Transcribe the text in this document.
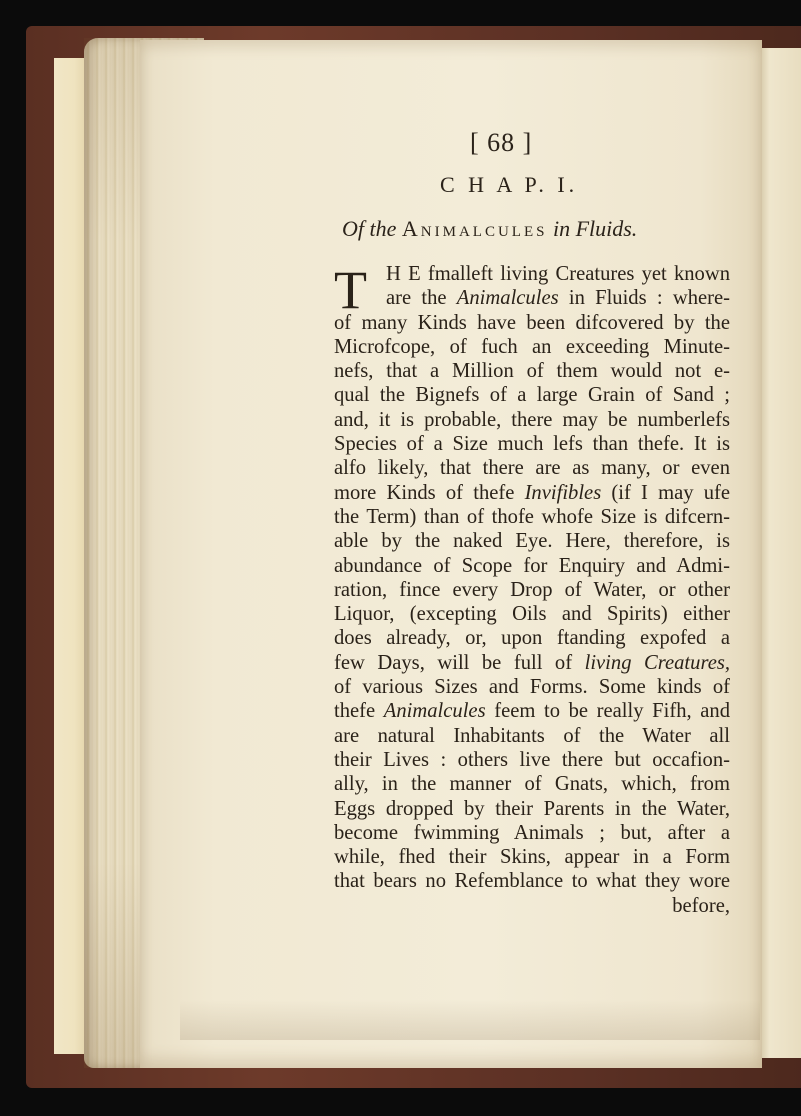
[ 68 ]
C H A P. I.
Of the Animalcules in Fluids.
T H E fmalleft living Creatures yet known
are the Animalcules in Fluids : where-
of many Kinds have been difcovered by the
Microfcope, of fuch an exceeding Minute-
nefs, that a Million of them would not e-
qual the Bignefs of a large Grain of Sand ;
and, it is probable, there may be numberlefs
Species of a Size much lefs than thefe. It is
alfo likely, that there are as many, or even
more Kinds of thefe Invifibles (if I may ufe
the Term) than of thofe whofe Size is difcern-
able by the naked Eye. Here, therefore, is
abundance of Scope for Enquiry and Admi-
ration, fince every Drop of Water, or other
Liquor, (excepting Oils and Spirits) either
does already, or, upon ftanding expofed a
few Days, will be full of living Creatures,
of various Sizes and Forms. Some kinds of
thefe Animalcules feem to be really Fifh, and
are natural Inhabitants of the Water all
their Lives : others live there but occafion-
ally, in the manner of Gnats, which, from
Eggs dropped by their Parents in the Water,
become fwimming Animals ; but, after a
while, fhed their Skins, appear in a Form
that bears no Refemblance to what they wore
before,
